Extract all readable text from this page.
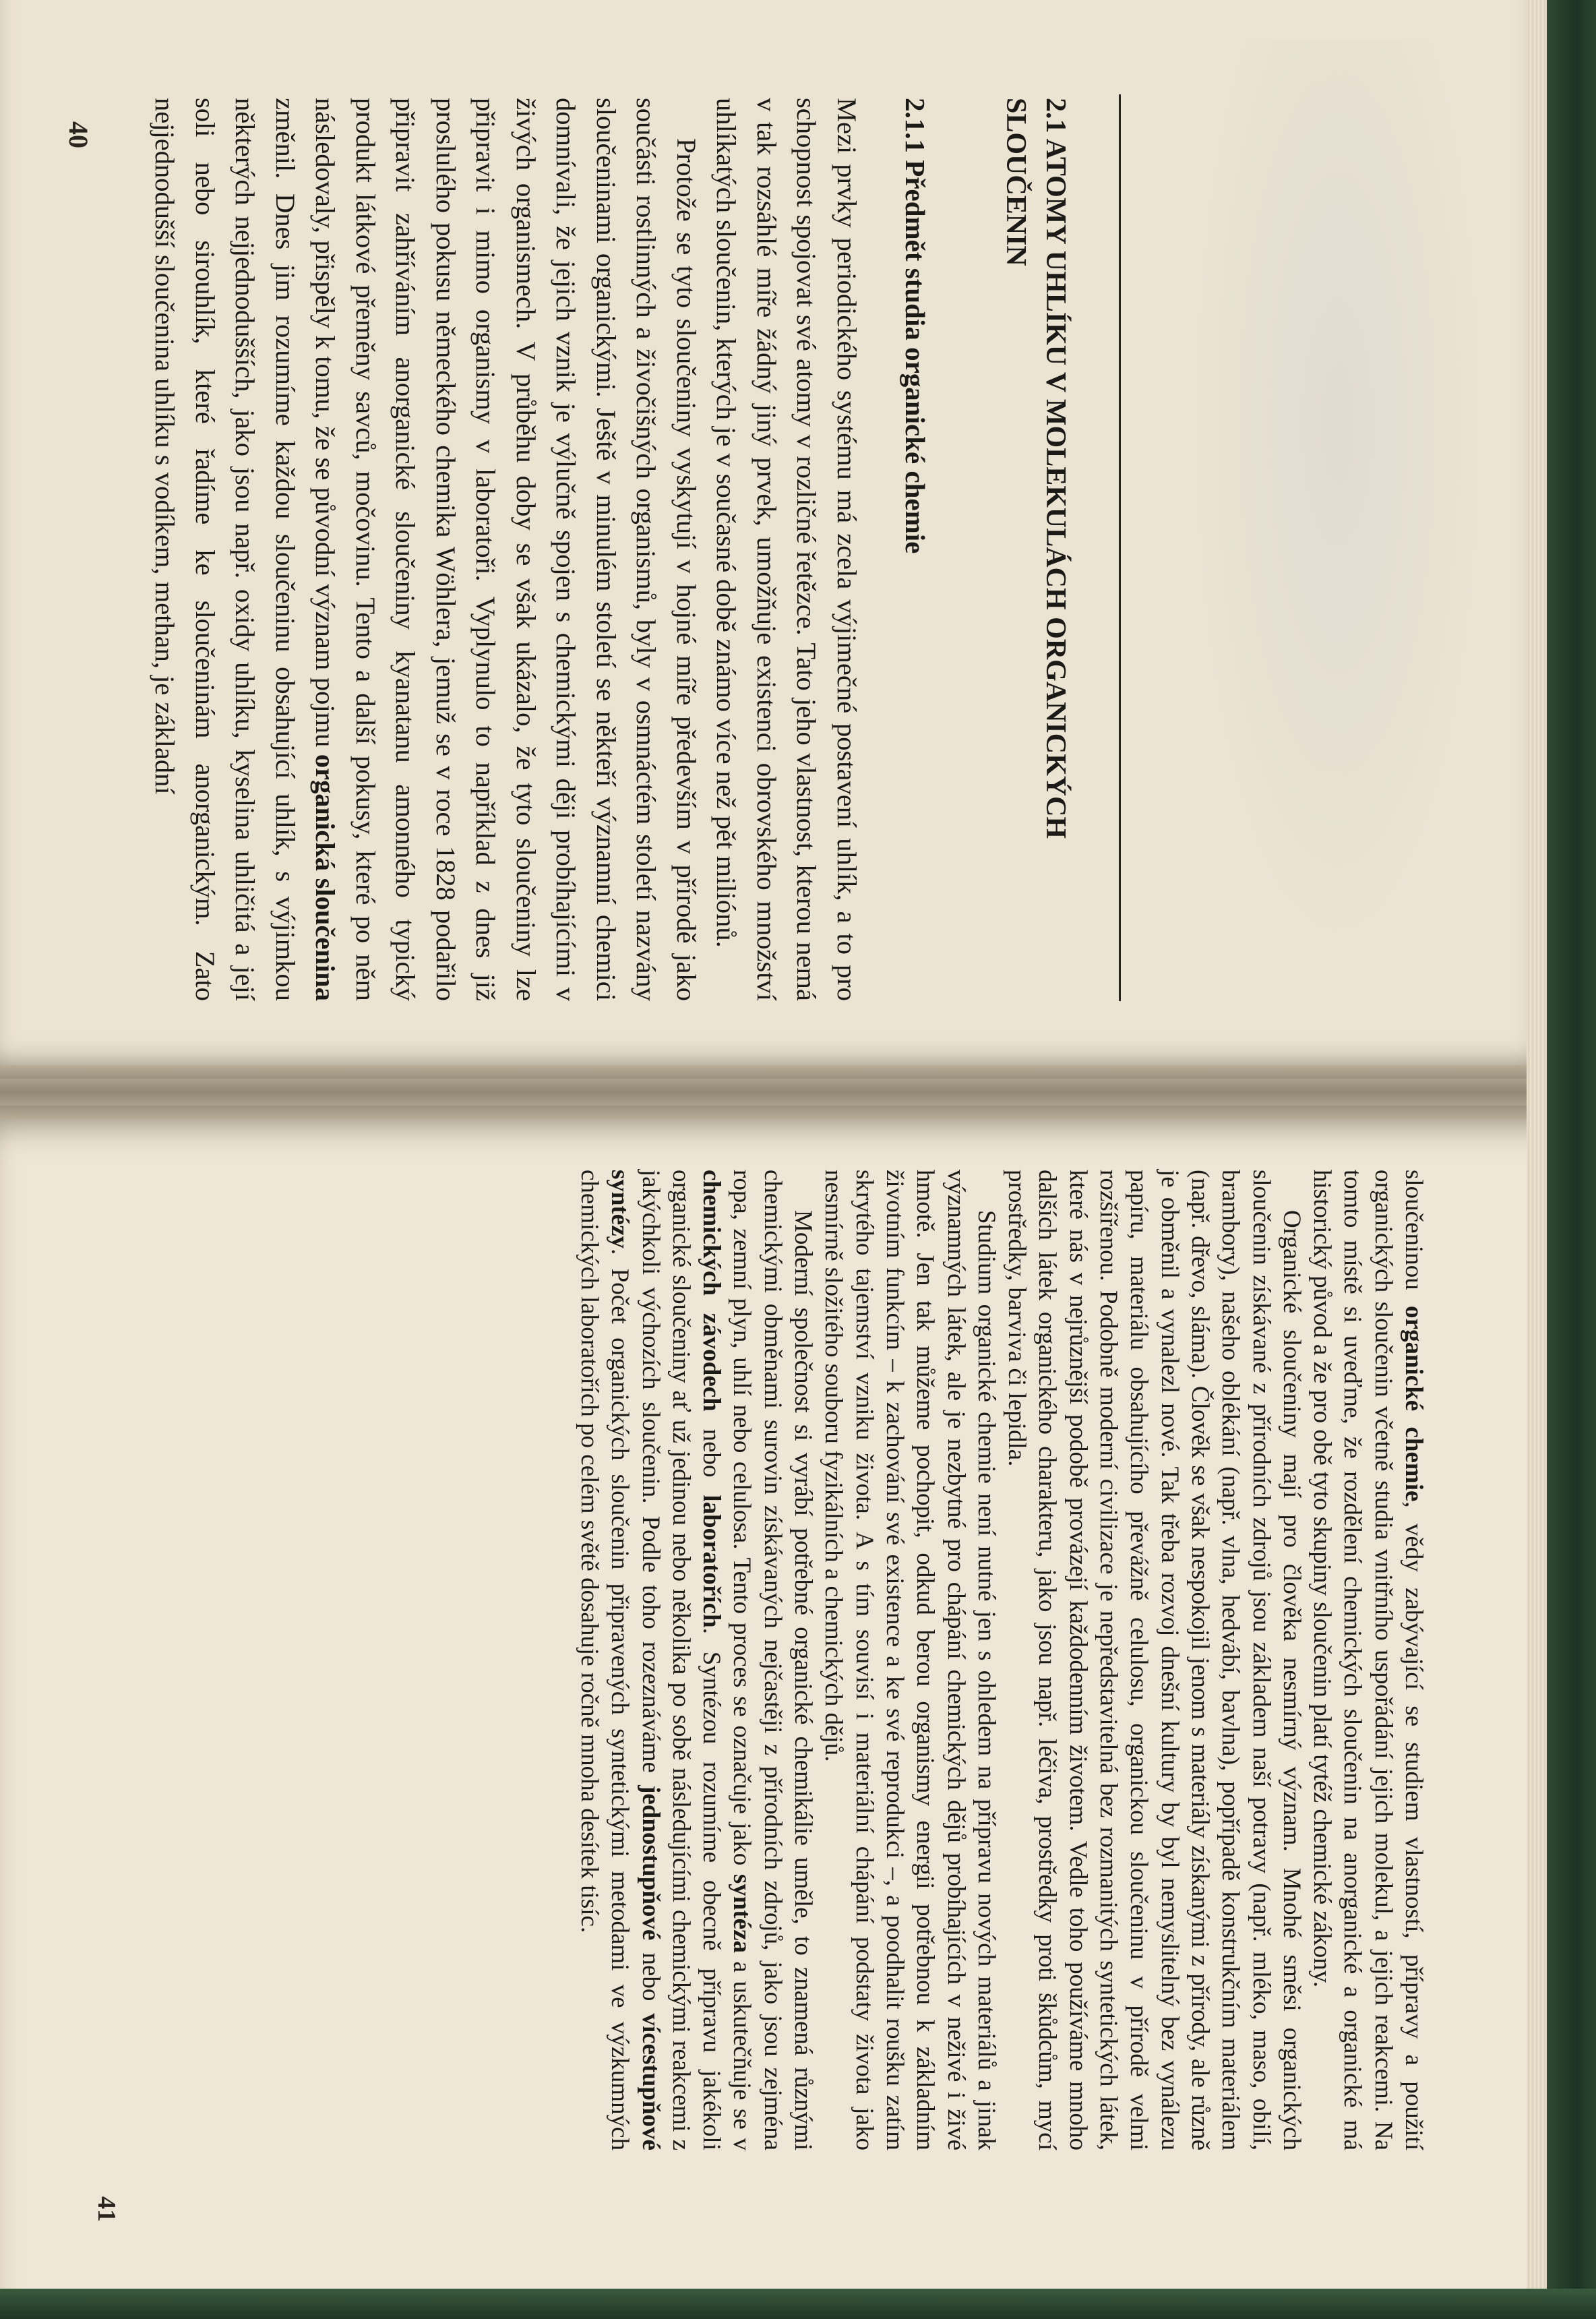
2.1 ATOMY UHLÍKU V MOLEKULÁCH ORGANICKÝCH SLOUČENIN

2.1.1 Předmět studia organické chemie

Mezi prvky periodického systému má zcela výjimečné postavení uhlík, a to pro schopnost spojovat své atomy v rozličné řetězce. Tato jeho vlastnost, kterou nemá v tak rozsáhlé míře žádný jiný prvek, umožňuje existenci obrovského množství uhlíkatých sloučenin, kterých je v současné době známo více než pět miliónů.

Protože se tyto sloučeniny vyskytují v hojné míře především v přírodě jako součásti rostlinných a živočišných organismů, byly v osmnáctém století nazvány sloučeninami organickými. Ještě v minulém století se někteří významní chemici domnívali, že jejich vznik je výlučně spojen s chemickými ději probíhajícími v živých organismech. V průběhu doby se však ukázalo, že tyto sloučeniny lze připravit i mimo organismy v laboratoři. Vyplynulo to například z dnes již proslulého pokusu německého chemika Wöhlera, jemuž se v roce 1828 podařilo připravit zahříváním anorganické sloučeniny kyanatanu amonného typický produkt látkové přeměny savců, močovinu. Tento a další pokusy, které po něm následovaly, přispěly k tomu, že se původní význam pojmu organická sloučenina změnil. Dnes jim rozumíme každou sloučeninu obsahující uhlík, s výjimkou některých nejjednodušších, jako jsou např. oxidy uhlíku, kyselina uhličitá a její soli nebo sirouhlík, které řadíme ke sloučeninám anorganickým. Zato nejjednodušší sloučenina uhlíku s vodíkem, methan, je základní

40

sloučeninou organické chemie, vědy zabývající se studiem vlastností, přípravy a použití organických sloučenin včetně studia vnitřního uspořádání jejich molekul, a jejich reakcemi. Na tomto místě si uveďme, že rozdělení chemických sloučenin na anorganické a organické má historický původ a že pro obě tyto skupiny sloučenin platí tytéž chemické zákony.

Organické sloučeniny mají pro člověka nesmírný význam. Mnohé směsi organických sloučenin získávané z přírodních zdrojů jsou základem naší potravy (např. mléko, maso, obilí, brambory), našeho oblékání (např. vlna, hedvábí, bavlna), popřípadě konstrukčním materiálem (např. dřevo, sláma). Člověk se však nespokojil jenom s materiály získanými z přírody, ale různě je obměnil a vynalezl nové. Tak třeba rozvoj dnešní kultury by byl nemyslitelný bez vynálezu papíru, materiálu obsahujícího převážně celulosu, organickou sloučeninu v přírodě velmi rozšířenou. Podobně moderní civilizace je nepředstavitelná bez rozmanitých syntetických látek, které nás v nejrůznější podobě provázejí každodenním životem. Vedle toho používáme mnoho dalších látek organického charakteru, jako jsou např. léčiva, prostředky proti škůdcům, mycí prostředky, barviva či lepidla.

Studium organické chemie není nutné jen s ohledem na přípravu nových materiálů a jinak významných látek, ale je nezbytné pro chápání chemických dějů probíhajících v neživé i živé hmotě. Jen tak můžeme pochopit, odkud berou organismy energii potřebnou k základním životním funkcím – k zachování své existence a ke své reprodukci –, a poodhalit roušku zatím skrytého tajemství vzniku života. A s tím souvisí i materiální chápání podstaty života jako nesmírně složitého souboru fyzikálních a chemických dějů.

Moderní společnost si vyrábí potřebné organické chemikálie uměle, to znamená různými chemickými obměnami surovin získávaných nejčastěji z přírodních zdrojů, jako jsou zejména ropa, zemní plyn, uhlí nebo celulosa. Tento proces se označuje jako syntéza a uskutečňuje se v chemických závodech nebo laboratořích. Syntézou rozumíme obecně přípravu jakékoli organické sloučeniny ať už jedinou nebo několika po sobě následujícími chemickými reakcemi z jakýchkoli výchozích sloučenin. Podle toho rozeznáváme jednostupňové nebo vícestupňové syntézy. Počet organických sloučenin připravených syntetickými metodami ve výzkumných chemických laboratořích po celém světě dosahuje ročně mnoha desítek tisíc.

41
